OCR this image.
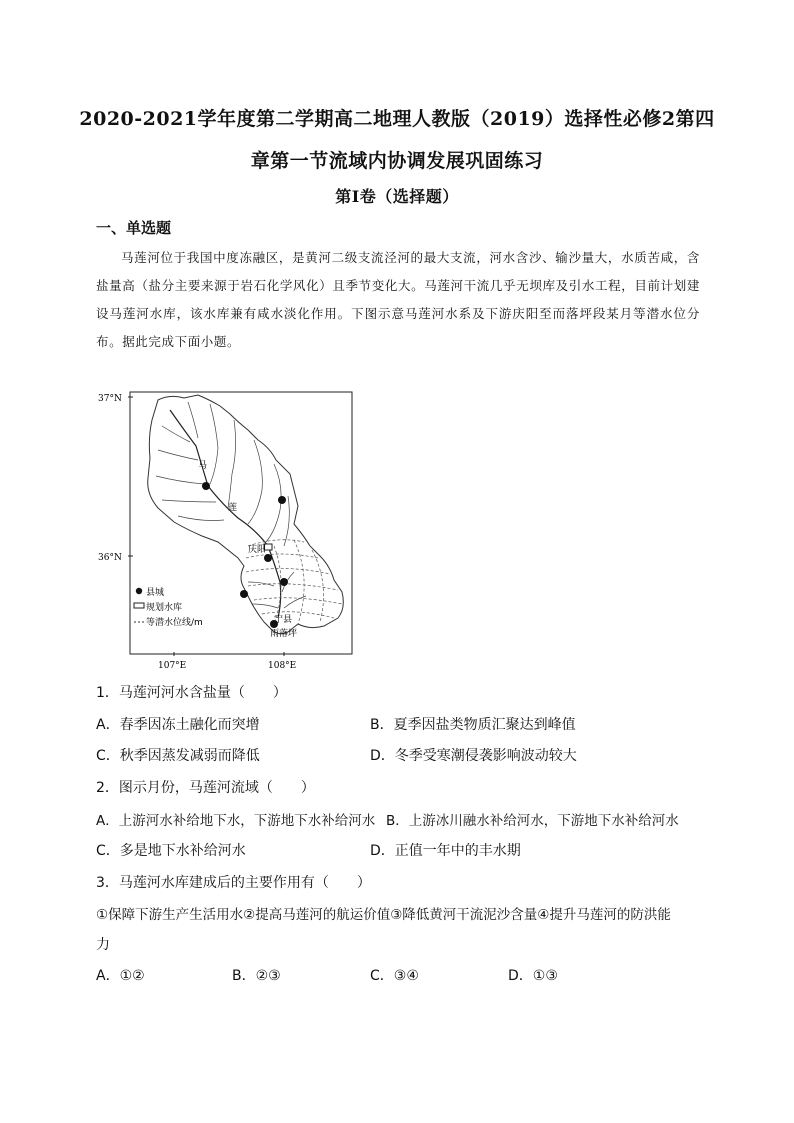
2020-2021学年度第二学期高二地理人教版（2019）选择性必修2第四
章第一节流域内协调发展巩固练习
第I卷（选择题）
一、单选题

马莲河位于我国中度冻融区，是黄河二级支流泾河的最大支流，河水含沙、输沙量大，水质苦咸，含盐量高（盐分主要来源于岩石化学风化）且季节变化大。马莲河干流几乎无坝库及引水工程，目前计划建设马莲河水库，该水库兼有咸水淡化作用。下图示意马莲河水系及下游庆阳至而落坪段某月等潜水位分布。据此完成下面小题。

37°N
36°N
107°E	108°E
马
莲
庆阳
宁县
雨落坪
县城
规划水库
等潜水位线/m
1．马莲河河水含盐量（　　）
A．春季因冻土融化而突增	B．夏季因盐类物质汇聚达到峰值
C．秋季因蒸发减弱而降低	D．冬季受寒潮侵袭影响波动较大
2．图示月份，马莲河流域（　　）
A．上游河水补给地下水，下游地下水补给河水 B．上游冰川融水补给河水，下游地下水补给河水
C．多是地下水补给河水	D．正值一年中的丰水期
3．马莲河水库建成后的主要作用有（　　）
①保障下游生产生活用水②提高马莲河的航运价值③降低黄河干流泥沙含量④提升马莲河的防洪能
力
A．①②	B．②③	C．③④	D．①③
